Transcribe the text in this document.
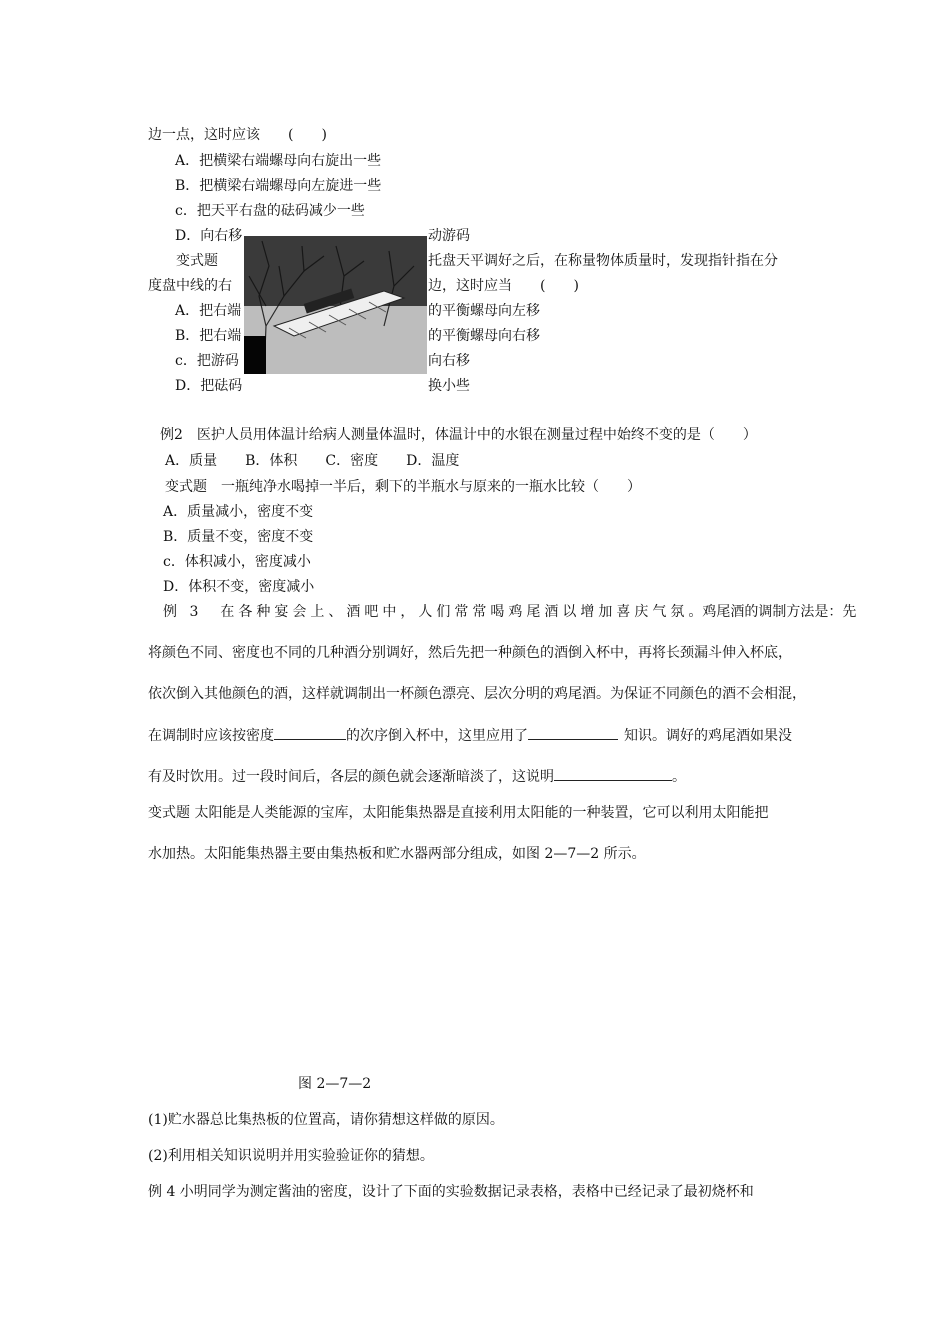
边一点，这时应该　　(　　)
A．把横梁右端螺母向右旋出一些
B．把横梁右端螺母向左旋进一些
c．把天平右盘的砝码减少一些
D．向右移	动游码
变式题	托盘天平调好之后，在称量物体质量时，发现指针指在分
度盘中线的右	边，这时应当　　(　　)
A．把右端	的平衡螺母向左移
B．把右端	的平衡螺母向右移
c．把游码	向右移
D．把砝码	换小些
例2　医护人员用体温计给病人测量体温时，体温计中的水银在测量过程中始终不变的是（　　）
A．质量　　B．体积　　C．密度　　D．温度
变式题　一瓶纯净水喝掉一半后，剩下的半瓶水与原来的一瓶水比较（　　）
A．质量减小，密度不变
B．质量不变，密度不变
c．体积减小，密度减小
D．体积不变，密度减小
例 3　在各种宴会上、酒吧中，人们常常喝鸡尾酒以增加喜庆气氛。鸡尾酒的调制方法是：先
将颜色不同、密度也不同的几种酒分别调好，然后先把一种颜色的酒倒入杯中，再将长颈漏斗伸入杯底，
依次倒入其他颜色的酒，这样就调制出一杯颜色漂亮、层次分明的鸡尾酒。为保证不同颜色的酒不会相混，
在调制时应该按密度	的次序倒入杯中，这里应用了	知识。调好的鸡尾酒如果没
有及时饮用。过一段时间后，各层的颜色就会逐渐暗淡了，这说明	。
变式题 太阳能是人类能源的宝库，太阳能集热器是直接利用太阳能的一种装置，它可以利用太阳能把
水加热。太阳能集热器主要由集热板和贮水器两部分组成，如图 2—7—2 所示。
图 2—7—2
(1)贮水器总比集热板的位置高，请你猜想这样做的原因。
(2)利用相关知识说明并用实验验证你的猜想。
例 4 小明同学为测定酱油的密度，设计了下面的实验数据记录表格，表格中已经记录了最初烧杯和
